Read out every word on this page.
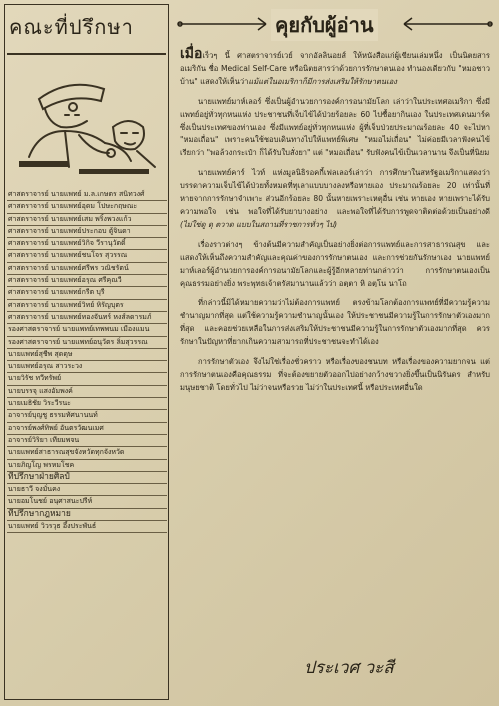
คณะที่ปรึกษา
ศาสตราจารย์ นายแพทย์ ม.ล.เกษตร สนิทวงศ์
ศาสตราจารย์ นายแพทย์อุดม โปษะกฤษณะ
ศาสตราจารย์ นายแพทย์เสม พริ้งพวงแก้ว
ศาสตราจารย์ นายแพทย์ประกอบ ตู้จินดา
ศาสตราจารย์ นายแพทย์วิกิจ วีรานุวัตติ์
ศาสตราจารย์ นายแพทย์ชนโจร สุวรรณ
ศาสตราจารย์ นายแพทย์ศรีพร วณิชรัตน์
ศาสตราจารย์ นายแพทย์อรุณ ศรีคุณวี
ศาสตราจารย์ นายแพทย์กรีต บุรี
ศาสตราจารย์ นายแพทย์วิทย์ หิรัญบุตร
ศาสตราจารย์ นายแพทย์ทองจันทร์ หงส์ลดารมภ์
รองศาสตราจารย์ นายแพทย์เทพพนม เมืองแมน
รองศาสตราจารย์ นายแพทย์อนุวัตร ลิ่มสุวรรณ
นายแพทย์สุชีพ สุดดุษ
นายแพทย์อรุณ สาวระวง
นายวิรัช ทวีทรัพย์
นายบรรจุ แสงอัมพงค์
นายเมธิชัย วิระวีรนะ
อาจารย์บุญชู ธรรมทัศนานนท์
อาจารย์พงศ์ทิพย์ อันตรวัฒนเมศ
อาจารย์วิริยา เทียมพจน
นายแพทย์สาธารณสุขจังหวัดทุกจังหวัด
นายภิญโญ พรหมโชค
ที่ปรึกษาฝ่ายศิลป์
นายธาวี จงมั่นคง
นายอมโนชย์ อนุศาสนะปรีห์
ที่ปรึกษากฎหมาย
นายแพทย์ วิวรวุธ อึ้งประพันธ์
คุยกับผู้อ่าน

เมื่อเร็วๆ นี้ ศาสตราจารย์เวย์ จากอัลลินอยส์ ให้หนังสือแก่ผู้เขียนเล่มหนึ่ง เป็นนิตยสารอเมริกัน ชื่อ Medical Self-Care หรือนิตยสารว่าด้วยการรักษาตนเอง ทำนองเดียวกับ "หมอชาวบ้าน" แสดงให้เห็นว่าแม้แต่ในอเมริกาก็มีการส่งเสริมให้รักษาตนเอง

นายแพทย์มาห์เลอร์ ซึ่งเป็นผู้อำนวยการองค์การอนามัยโลก เล่าว่าในประเทศอเมริกา ซึ่งมีแพทย์อยู่ทั่วทุกหนแห่ง ประชาชนที่เจ็บไข้ได้ป่วยร้อยละ 60 ไปซื้อยากินเอง ในประเทศเดนมาร์คซึ่งเป็นประเทศของท่านเอง ซึ่งมีแพทย์อยู่ทั่วทุกหนแห่ง ผู้ที่เจ็บป่วยประมาณร้อยละ 40 จะไปหา "หมอเถื่อน" เพราะคนใช้ชอบเดินทางไปให้แพทย์พิเศษ "หมอไม่เถื่อน" ไม่ค่อยมีเวลาฟังคนไข้ เรียกว่า "พอล้วงกระเป๋า ก็ได้รับใบสั่งยา" แต่ "หมอเถื่อน" รับฟังคนไข้เป็นเวลานาน จึงเป็นที่นิยม

นายแพทย์คาร์ ไวท์ แห่งมูลนิธิรอคกี้เฟลเลอร์เล่าว่า การศึกษาในสหรัฐอเมริกาแสดงว่าบรรดาความเจ็บไข้ได้ป่วยทั้งหมดที่ทุเลาแบบบางลงหรือหายเอง ประมาณร้อยละ 20 เท่านั้นที่หายจากการรักษาจำเพาะ ส่วนอีกร้อยละ 80 นั้นหายเพราะเหตุอื่น เช่น หายเอง หายเพราะได้รับความพอใจ เช่น พอใจที่ได้รับยาบางอย่าง และพอใจที่ได้รับการพูดจาติดต่อด้วยเป็นอย่างดี (ไม่ใช่ดู ดุ ตวาด แบบในสถานที่ราชการทั่วๆ ไป)

เรื่องราวต่างๆ ข้างต้นมีความสำคัญเป็นอย่างยิ่งต่อการแพทย์และการสาธารณสุข และแสดงให้เห็นถึงความสำคัญและคุณค่าของการรักษาตนเอง และการช่วยกันรักษาเอง นายแพทย์มาห์เลอร์ผู้อำนวยการองค์การอนามัยโลกและผู้รู้อีกหลายท่านกล่าวว่า การรักษาตนเองเป็นคุณธรรมอย่างยิ่ง พระพุทธเจ้าตรัสมานานแล้วว่า อตฺตา หิ อตฺโน นาโถ

ที่กล่าวนี้มิได้หมายความว่าไม่ต้องการแพทย์ ตรงข้ามโลกต้องการแพทย์ที่มีความรู้ความชำนาญมากที่สุด แต่ใช้ความรู้ความชำนาญนั้นเอง ให้ประชาชนมีความรู้ในการรักษาตัวเองมากที่สุด และคอยช่วยเหลือในการส่งเสริมให้ประชาชนมีความรู้ในการรักษาตัวเองมากที่สุด ควรรักษาในปัญหาที่ยากเกินความสามารถที่ประชาชนจะทำได้เอง

การรักษาตัวเอง จึงไม่ใช่เรื่องชั่วคราว หรือเรื่องของชนบท หรือเรื่องของความยากจน แต่การรักษาตนเองคือคุณธรรม ที่จะต้องขยายตัวออกไปอย่างกว้างขวางยิ่งขึ้นเป็นนิรันดร สำหรับมนุษยชาติ โดยทั่วไป ไม่ว่าจนหรือรวย ไม่ว่าในประเทศนี้ หรือประเทศอื่นใด

ประเวศ วะสี
